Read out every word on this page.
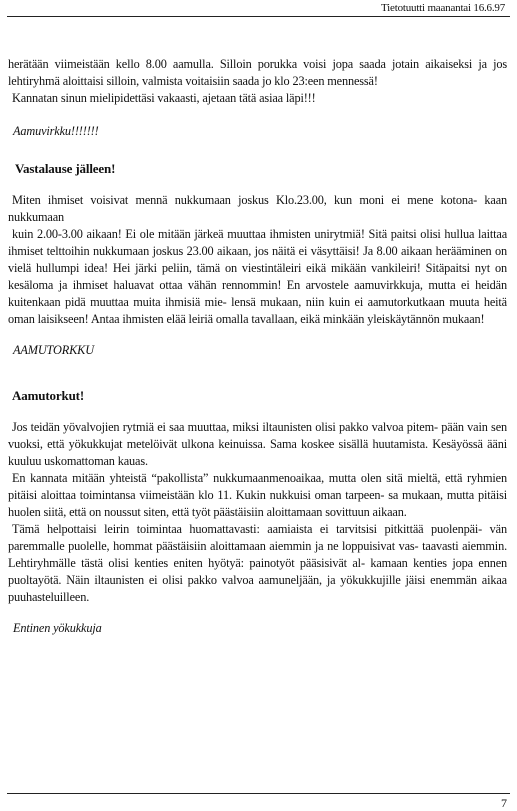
Tietotuutti maanantai 16.6.97

herätään viimeistään kello 8.00 aamulla. Silloin porukka voisi jopa saada jotain aikaiseksi ja jos lehtiryhmä aloittaisi silloin, valmista voitaisiin saada jo klo 23:een mennessä!

Kannatan sinun mielipidettäsi vakaasti, ajetaan tätä asiaa läpi!!!

Aamuvirkku!!!!!!!

Vastalause jälleen!

Miten ihmiset voisivat mennä nukkumaan joskus Klo.23.00, kun moni ei mene kotona- kaan nukkumaan

kuin 2.00-3.00 aikaan! Ei ole mitään järkeä muuttaa ihmisten unirytmiä! Sitä paitsi olisi hullua laittaa ihmiset telttoihin nukkumaan joskus 23.00 aikaan, jos näitä ei väsyttäisi! Ja 8.00 aikaan herääminen on vielä hullumpi idea! Hei järki peliin, tämä on viestintäleiri eikä mikään vankileiri! Sitäpaitsi nyt on kesäloma ja ihmiset haluavat ottaa vähän rennommin! En arvostele aamuvirkkuja, mutta ei heidän kuitenkaan pidä muuttaa muita ihmisiä mie- lensä mukaan, niin kuin ei aamutorkutkaan muuta heitä oman laisikseen! Antaa ihmisten elää leiriä omalla tavallaan, eikä minkään yleiskäytännön mukaan!

AAMUTORKKU

Aamutorkut!

Jos teidän yövalvojien rytmiä ei saa muuttaa, miksi iltaunisten olisi pakko valvoa pitem- pään vain sen vuoksi, että yökukkujat metelöivät ulkona keinuissa. Sama koskee sisällä huutamista. Kesäyössä ääni kuuluu uskomattoman kauas.

En kannata mitään yhteistä “pakollista” nukkumaanmenoaikaa, mutta olen sitä mieltä, että ryhmien pitäisi aloittaa toimintansa viimeistään klo 11. Kukin nukkuisi oman tarpeen- sa mukaan, mutta pitäisi huolen siitä, että on noussut siten, että työt päästäisiin aloittamaan sovittuun aikaan.

Tämä helpottaisi leirin toimintaa huomattavasti: aamiaista ei tarvitsisi pitkittää puolenpäi- vän paremmalle puolelle, hommat päästäisiin aloittamaan aiemmin ja ne loppuisivat vas- taavasti aiemmin. Lehtiryhmälle tästä olisi kenties eniten hyötyä: painotyöt pääsisivät al- kamaan kenties jopa ennen puoltayötä. Näin iltaunisten ei olisi pakko valvoa aamuneljään, ja yökukkujille jäisi enemmän aikaa puuhasteluilleen.

Entinen yökukkuja

7
